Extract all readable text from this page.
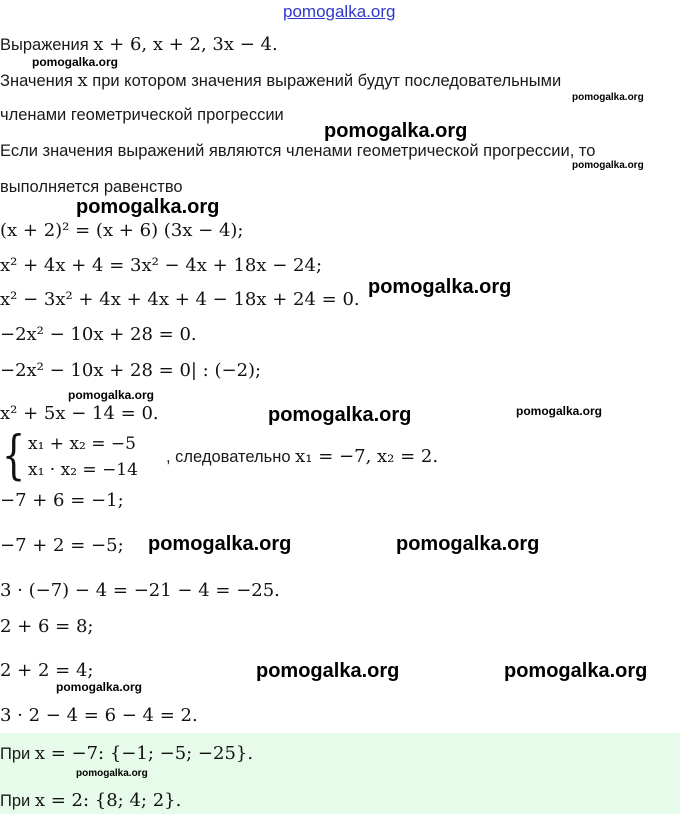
pomogalka.org
pomogalka.org
pomogalka.org
pomogalka.org
pomogalka.org
pomogalka.org
pomogalka.org
pomogalka.org
pomogalka.org	pomogalka.org
pomogalka.org	pomogalka.org
pomogalka.org	pomogalka.org
pomogalka.org
pomogalka.org
Выражения x + 6, x + 2, 3x − 4.
Значения x при котором значения выражений будут последовательными
членами геометрической прогрессии
Если значения выражений являются членами геометрической прогрессии, то
выполняется равенство
(x + 2)² = (x + 6) (3x − 4);
x² + 4x + 4 = 3x² − 4x + 18x − 24;
x² − 3x² + 4x + 4x + 4 − 18x + 24 = 0.
−2x² − 10x + 28 = 0.
−2x² − 10x + 28 = 0| : (−2);
x² + 5x − 14 = 0.
{ x₁ + x₂ = −5
x₁ · x₂ = −14
, следовательно x₁ = −7, x₂ = 2.
−7 + 6 = −1;
−7 + 2 = −5;
3 · (−7) − 4 = −21 − 4 = −25.
2 + 6 = 8;
2 + 2 = 4;
3 · 2 − 4 = 6 − 4 = 2.
При x = −7: {−1; −5; −25}.
При x = 2: {8; 4; 2}.
